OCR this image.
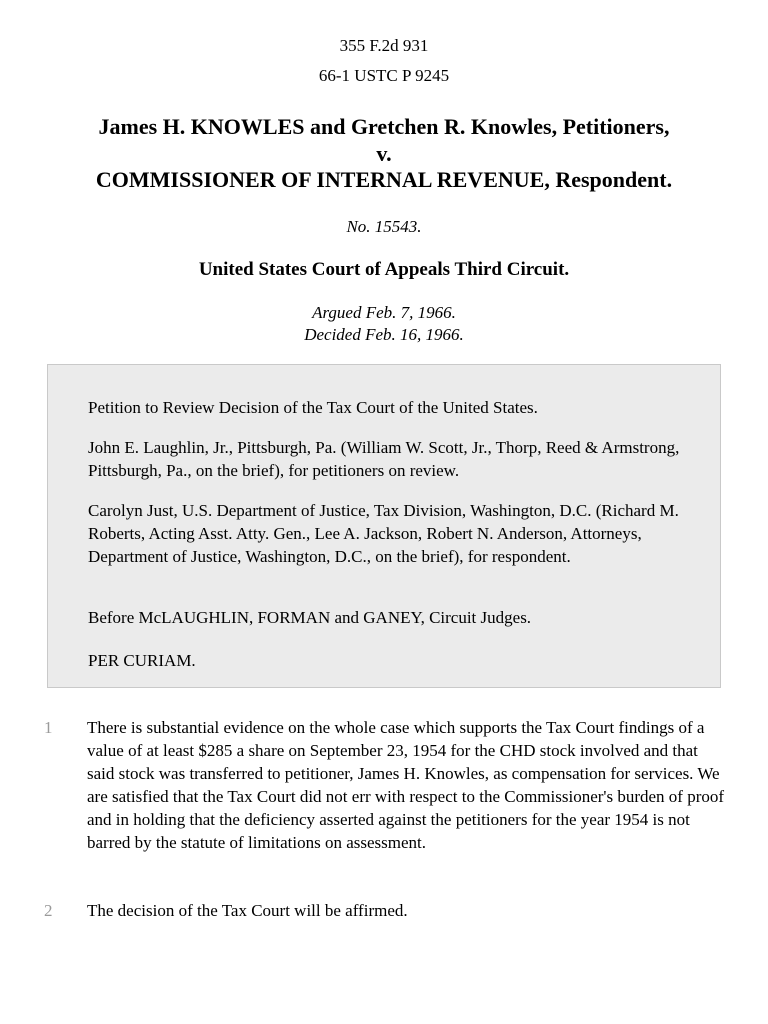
355 F.2d 931
66-1 USTC P 9245
James H. KNOWLES and Gretchen R. Knowles, Petitioners,
v.
COMMISSIONER OF INTERNAL REVENUE, Respondent.
No. 15543.
United States Court of Appeals Third Circuit.
Argued Feb. 7, 1966.
Decided Feb. 16, 1966.

Petition to Review Decision of the Tax Court of the United States.

John E. Laughlin, Jr., Pittsburgh, Pa. (William W. Scott, Jr., Thorp, Reed & Armstrong, Pittsburgh, Pa., on the brief), for petitioners on review.

Carolyn Just, U.S. Department of Justice, Tax Division, Washington, D.C. (Richard M. Roberts, Acting Asst. Atty. Gen., Lee A. Jackson, Robert N. Anderson, Attorneys, Department of Justice, Washington, D.C., on the brief), for respondent.

Before McLAUGHLIN, FORMAN and GANEY, Circuit Judges.

PER CURIAM.

1 There is substantial evidence on the whole case which supports the Tax Court findings of a value of at least $285 a share on September 23, 1954 for the CHD stock involved and that said stock was transferred to petitioner, James H. Knowles, as compensation for services. We are satisfied that the Tax Court did not err with respect to the Commissioner's burden of proof and in holding that the deficiency asserted against the petitioners for the year 1954 is not barred by the statute of limitations on assessment.

2 The decision of the Tax Court will be affirmed.
